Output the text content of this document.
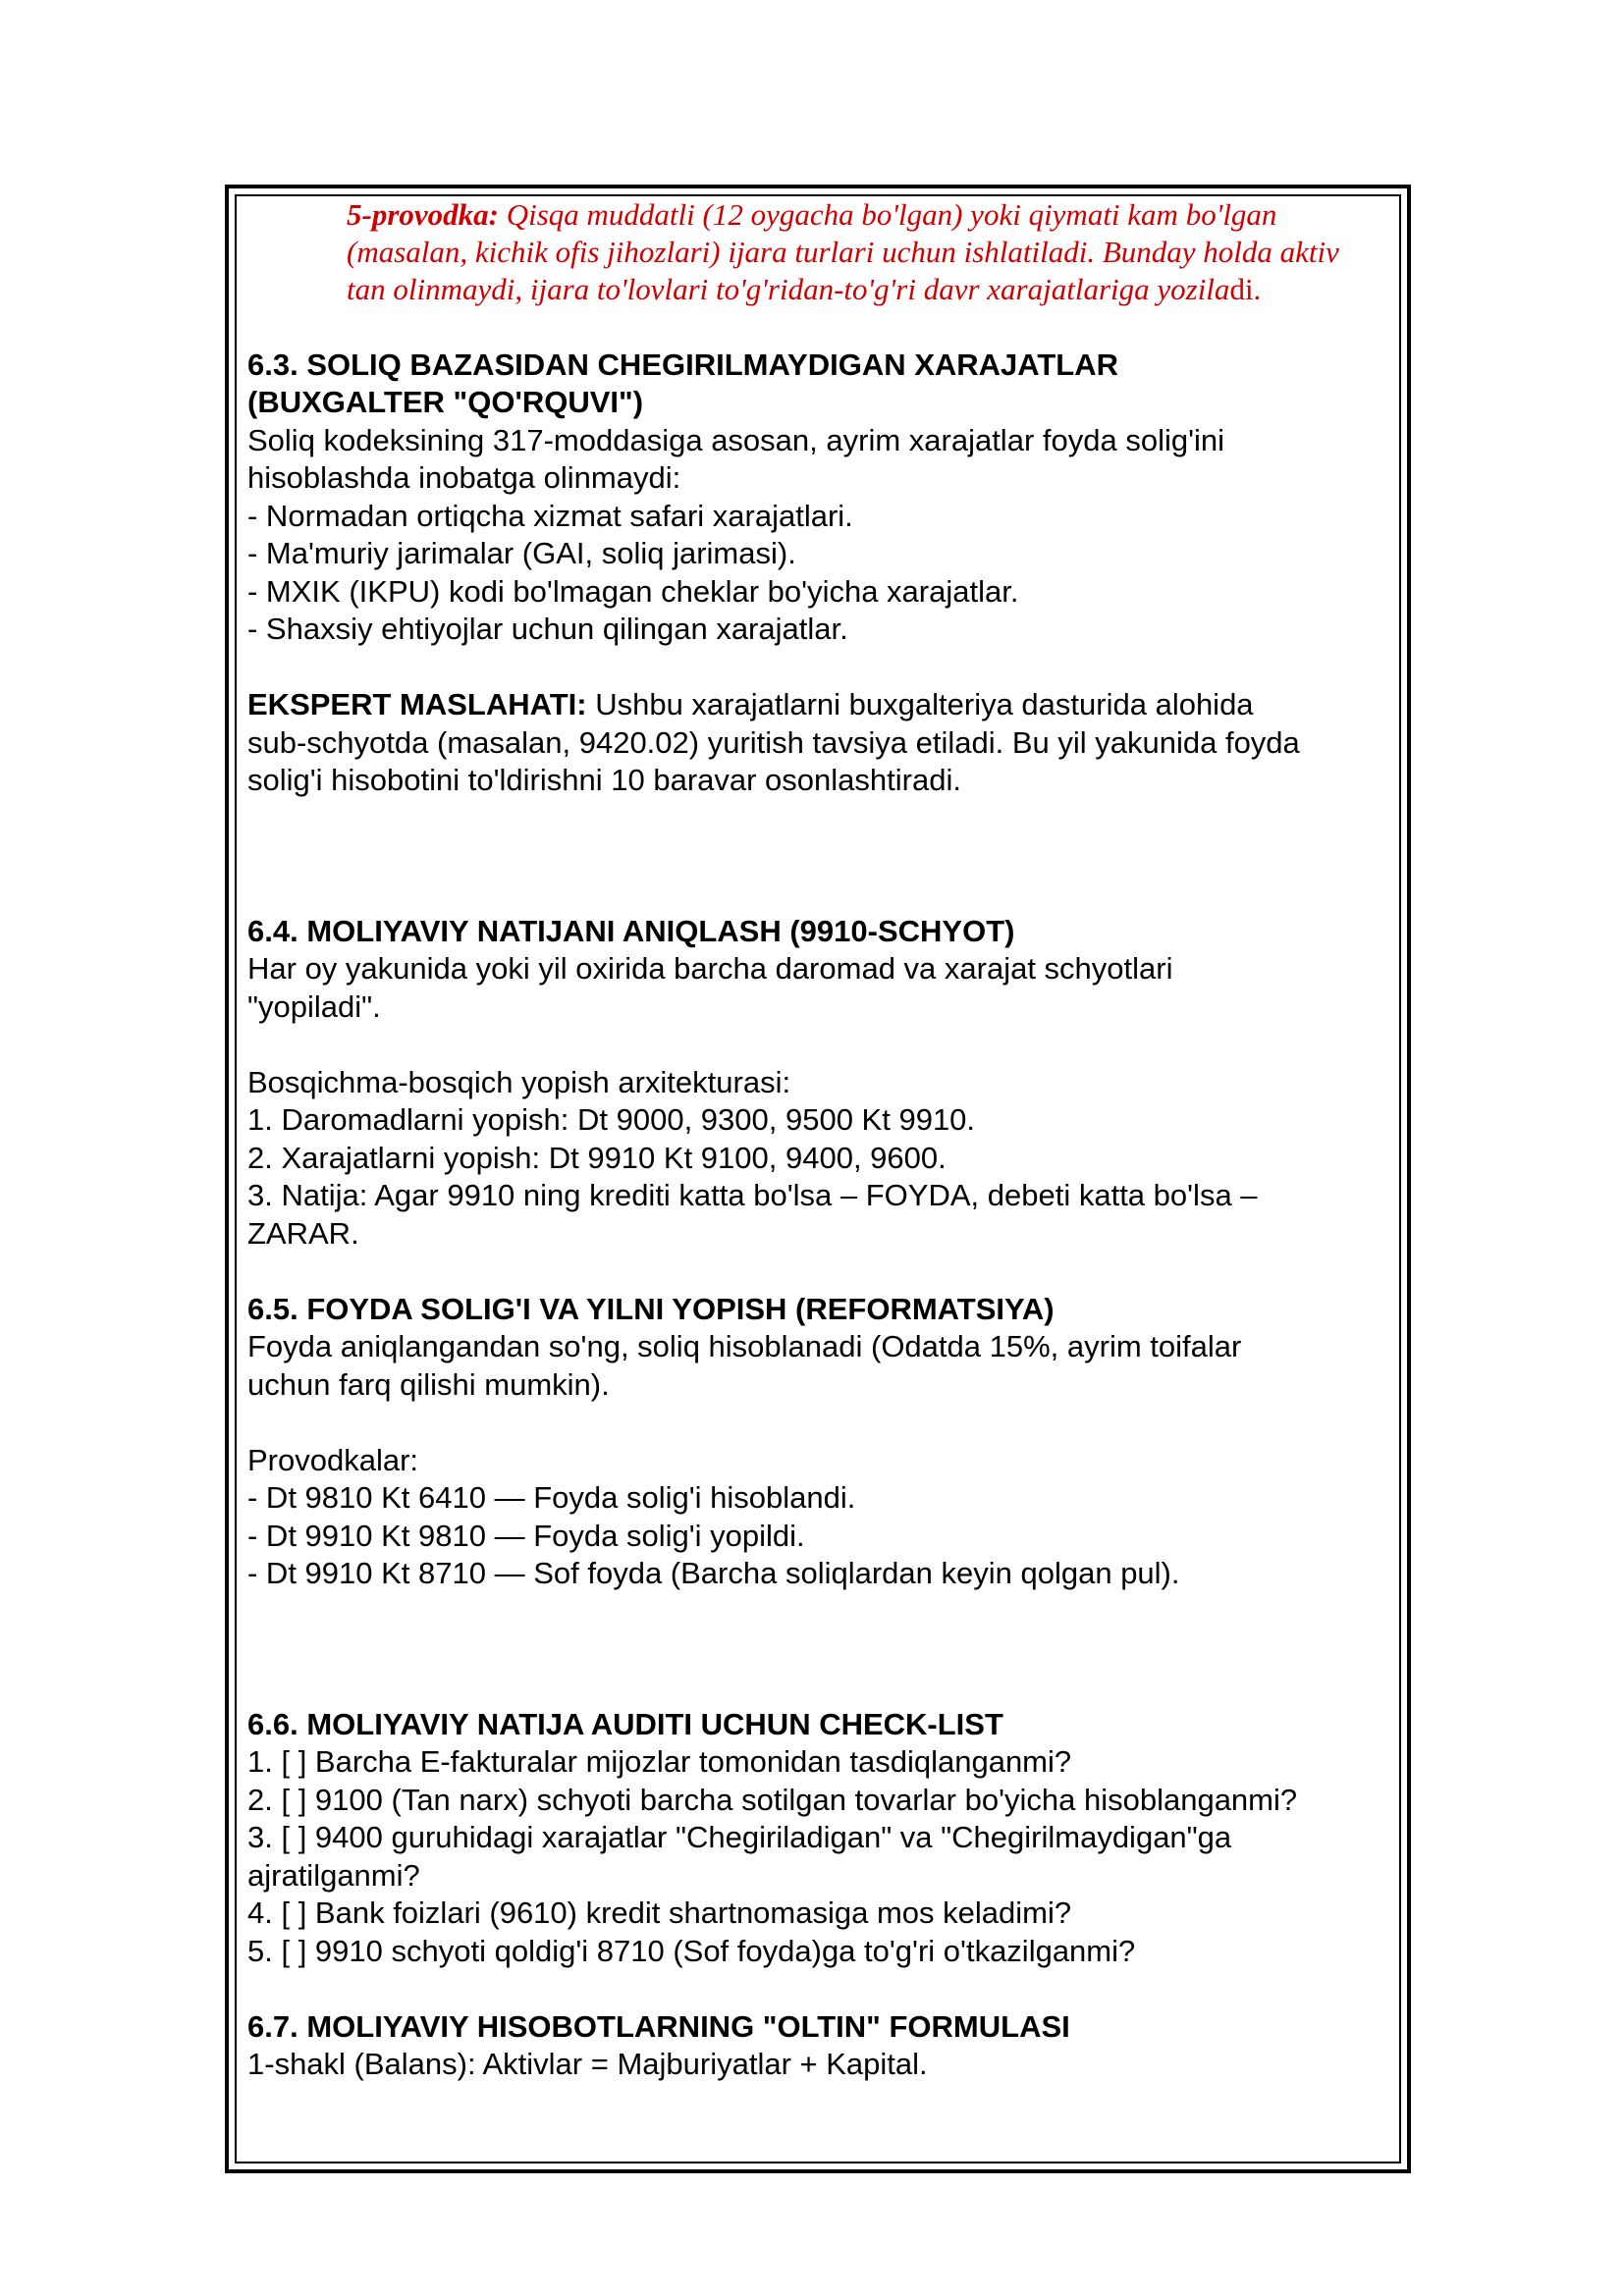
5-provodka: Qisqa muddatli (12 oygacha bo'lgan) yoki qiymati kam bo'lgan (masalan, kichik ofis jihozlari) ijara turlari uchun ishlatiladi. Bunday holda aktiv tan olinmaydi, ijara to'lovlari to'g'ridan-to'g'ri davr xarajatlariga yoziladi.
6.3. SOLIQ BAZASIDAN CHEGIRILMAYDIGAN XARAJATLAR
(BUXGALTER "QO'RQUVI")
Soliq kodeksining 317-moddasiga asosan, ayrim xarajatlar foyda solig'ini
hisoblashda inobatga olinmaydi:
- Normadan ortiqcha xizmat safari xarajatlari.
- Ma'muriy jarimalar (GAI, soliq jarimasi).
- MXIK (IKPU) kodi bo'lmagan cheklar bo'yicha xarajatlar.
- Shaxsiy ehtiyojlar uchun qilingan xarajatlar.
EKSPERT MASLAHATI: Ushbu xarajatlarni buxgalteriya dasturida alohida
sub-schyotda (masalan, 9420.02) yuritish tavsiya etiladi. Bu yil yakunida foyda
solig'i hisobotini to'ldirishni 10 baravar osonlashtiradi.
6.4. MOLIYAVIY NATIJANI ANIQLASH (9910-SCHYOT)
Har oy yakunida yoki yil oxirida barcha daromad va xarajat schyotlari
"yopiladi".
Bosqichma-bosqich yopish arxitekturasi:
1. Daromadlarni yopish: Dt 9000, 9300, 9500 Kt 9910.
2. Xarajatlarni yopish: Dt 9910 Kt 9100, 9400, 9600.
3. Natija: Agar 9910 ning krediti katta bo'lsa – FOYDA, debeti katta bo'lsa –
ZARAR.
6.5. FOYDA SOLIG'I VA YILNI YOPISH (REFORMATSIYA)
Foyda aniqlangandan so'ng, soliq hisoblanadi (Odatda 15%, ayrim toifalar
uchun farq qilishi mumkin).
Provodkalar:
- Dt 9810 Kt 6410 — Foyda solig'i hisoblandi.
- Dt 9910 Kt 9810 — Foyda solig'i yopildi.
- Dt 9910 Kt 8710 — Sof foyda (Barcha soliqlardan keyin qolgan pul).
6.6. MOLIYAVIY NATIJA AUDITI UCHUN CHECK-LIST
1. [ ] Barcha E-fakturalar mijozlar tomonidan tasdiqlanganmi?
2. [ ] 9100 (Tan narx) schyoti barcha sotilgan tovarlar bo'yicha hisoblanganmi?
3. [ ] 9400 guruhidagi xarajatlar "Chegiriladigan" va "Chegirilmaydigan"ga
ajratilganmi?
4. [ ] Bank foizlari (9610) kredit shartnomasiga mos keladimi?
5. [ ] 9910 schyoti qoldig'i 8710 (Sof foyda)ga to'g'ri o'tkazilganmi?
6.7. MOLIYAVIY HISOBOTLARNING "OLTIN" FORMULASI
1-shakl (Balans): Aktivlar = Majburiyatlar + Kapital.
